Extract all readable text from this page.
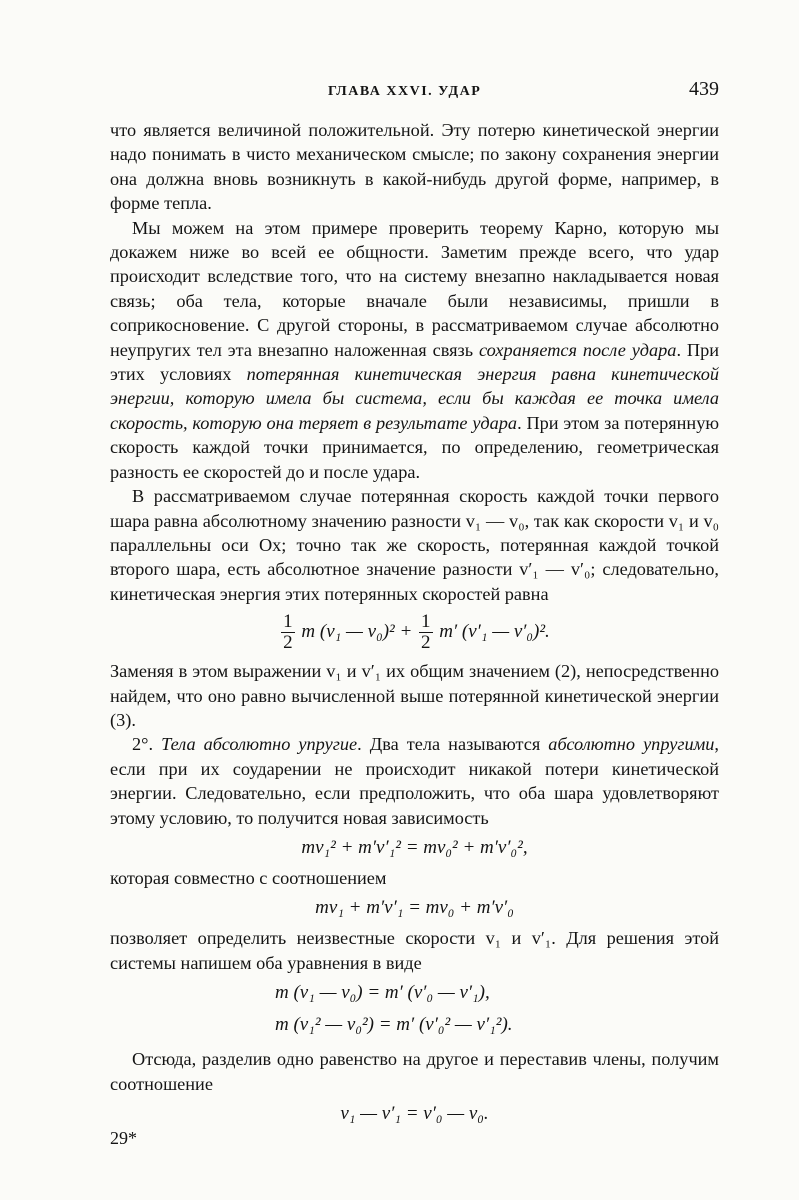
ГЛАВА XXVI. УДАР	439

что является величиной положительной. Эту потерю кинетической энергии надо понимать в чисто механическом смысле; по закону сохранения энергии она должна вновь возникнуть в какой-нибудь другой форме, например, в форме тепла.

Мы можем на этом примере проверить теорему Карно, которую мы докажем ниже во всей ее общности. Заметим прежде всего, что удар происходит вследствие того, что на систему внезапно накладывается новая связь; оба тела, которые вначале были независимы, пришли в соприкосновение. С другой стороны, в рассматриваемом случае абсолютно неупругих тел эта внезапно наложенная связь сохраняется после удара. При этих условиях потерянная кинетическая энергия равна кинетической энергии, которую имела бы система, если бы каждая ее точка имела скорость, которую она теряет в результате удара. При этом за потерянную скорость каждой точки принимается, по определению, геометрическая разность ее скоростей до и после удара.

В рассматриваемом случае потерянная скорость каждой точки первого шара равна абсолютному значению разности v₁ — v₀, так как скорости v₁ и v₀ параллельны оси Ox; точно так же скорость, потерянная каждой точкой второго шара, есть абсолютное значение разности v′₁ — v′₀; следовательно, кинетическая энергия этих потерянных скоростей равна

$\frac{1}{2}$ m (v₁ — $v_0)^2 + \frac{1}{2} m'$ (v′₁ — v′₀)².

Заменяя в этом выражении v₁ и v′₁ их общим значением (2), непосредственно найдем, что оно равно вычисленной выше потерянной кинетической энергии (3).

2°. Тела абсолютно упругие. Два тела называются абсолютно упругими, если при их соударении не происходит никакой потери кинетической энергии. Следовательно, если предположить, что оба шара удовлетворяют этому условию, то получится новая зависимость

mv₁² + m′v′₁² = mv₀² + m′v′₀²,

которая совместно с соотношением

mv₁ + m′v′₁ = mv₀ + m′v′₀

позволяет определить неизвестные скорости v₁ и v′₁. Для решения этой системы напишем оба уравнения в виде

m (v₁ — v₀) = m′ (v′₀ — v′₁),
m (v₁² — v₀²) = m′ (v′₀² — v′₁²).

Отсюда, разделив одно равенство на другое и переставив члены, получим соотношение

v₁ — v′₁ = v′₀ — v₀.
29*
